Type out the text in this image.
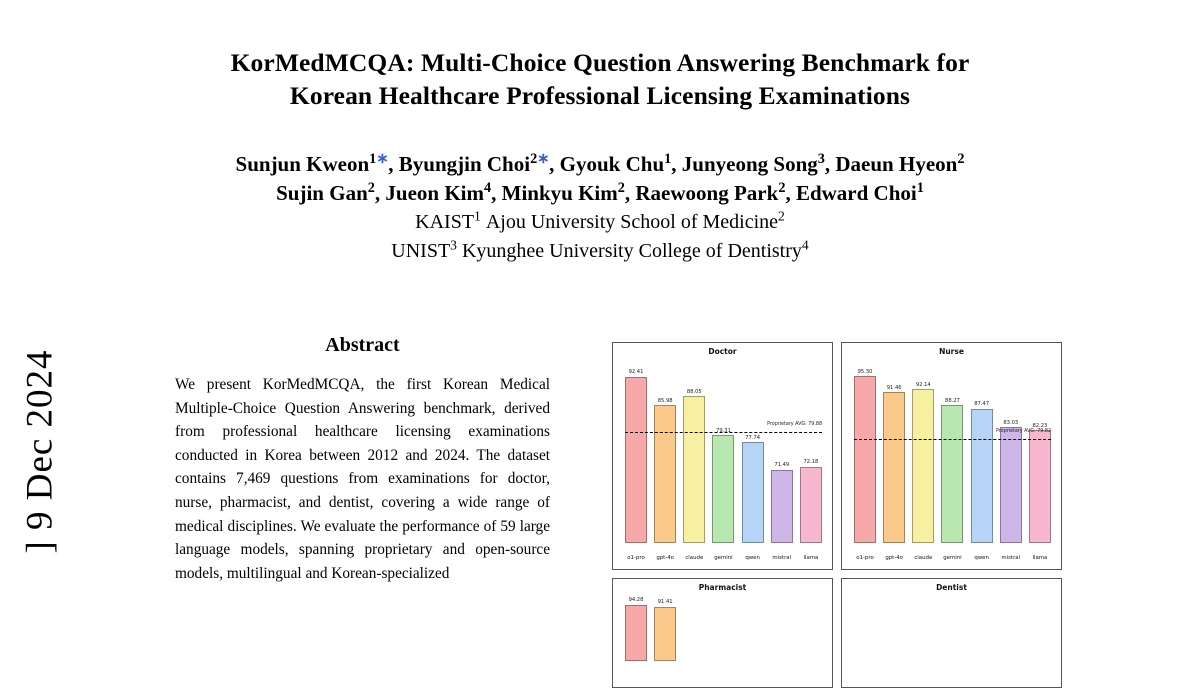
] 9 Dec 2024
KorMedMCQA: Multi-Choice Question Answering Benchmark for
Korean Healthcare Professional Licensing Examinations
Sunjun Kweon$^{1∗}$, Byungjin Choi$^{2∗}$, Gyouk Chu$^1$, Junyeong Song$^3$, Daeun Hyeon$^2$
Sujin Gan$^2$, Jueon Kim$^4$, Minkyu Kim$^2$, Raewoong Park$^2$, Edward Choi$^1$
KAIST$^1$ Ajou University School of Medicine$^2$
UNIST$^3$ Kyunghee University College of Dentistry$^4$
Abstract
We present KorMedMCQA, the first Korean Medical Multiple-Choice Question Answering benchmark, derived from professional healthcare licensing examinations conducted in Korea between 2012 and 2024. The dataset contains 7,469 questions from examinations for doctor, nurse, pharmacist, and dentist, covering a wide range of medical disciplines. We evaluate the performance of 59 large language models, spanning proprietary and open-source models, multilingual and Korean-specialized
Doctor
92.41
85.98
88.05
79.31
77.74
71.49
72.18
Proprietary AVG: 79.88
o1-pro	gpt-4o	claude	gemini	qwen	mistral	llama
Nurse
95.30
91.46	92.14
88.27
87.47
83.03
82.23
Proprietary AVG: 79.82
o1-pro	gpt-4o	claude	gemini	qwen	mistral	llama
Pharmacist
94.28	91.41
Dentist
